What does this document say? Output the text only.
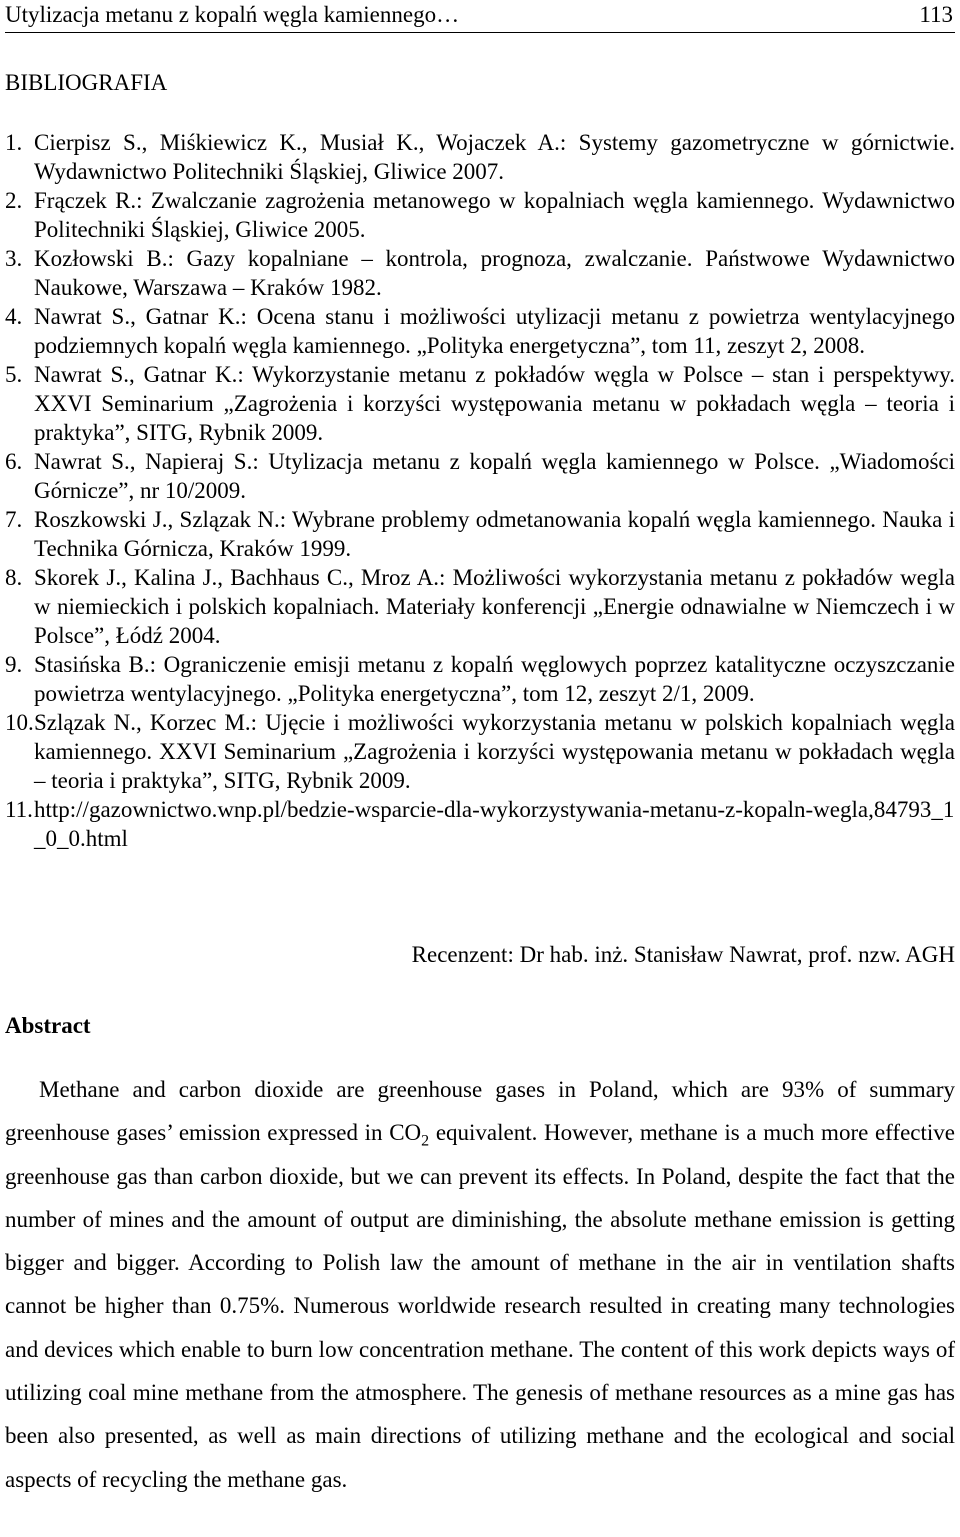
Utylizacja metanu z kopalń węgla kamiennego…	113
BIBLIOGRAFIA
1. Cierpisz S., Miśkiewicz K., Musiał K., Wojaczek A.: Systemy gazometryczne w górnictwie. Wydawnictwo Politechniki Śląskiej, Gliwice 2007.
2. Frączek R.: Zwalczanie zagrożenia metanowego w kopalniach węgla kamiennego. Wydawnictwo Politechniki Śląskiej, Gliwice 2005.
3. Kozłowski B.: Gazy kopalniane – kontrola, prognoza, zwalczanie. Państwowe Wydawnictwo Naukowe, Warszawa – Kraków 1982.
4. Nawrat S., Gatnar K.: Ocena stanu i możliwości utylizacji metanu z powietrza wentylacyjnego podziemnych kopalń węgla kamiennego. „Polityka energetyczna”, tom 11, zeszyt 2, 2008.
5. Nawrat S., Gatnar K.: Wykorzystanie metanu z pokładów węgla w Polsce – stan i perspektywy. XXVI Seminarium „Zagrożenia i korzyści występowania metanu w pokładach węgla – teoria i praktyka”, SITG, Rybnik 2009.
6. Nawrat S., Napieraj S.: Utylizacja metanu z kopalń węgla kamiennego w Polsce. „Wiadomości Górnicze”, nr 10/2009.
7. Roszkowski J., Szlązak N.: Wybrane problemy odmetanowania kopalń węgla kamiennego. Nauka i Technika Górnicza, Kraków 1999.
8. Skorek J., Kalina J., Bachhaus C., Mroz A.: Możliwości wykorzystania metanu z pokładów wegla w niemieckich i polskich kopalniach. Materiały konferencji „Energie odnawialne w Niemczech i w Polsce”, Łódź 2004.
9. Stasińska B.: Ograniczenie emisji metanu z kopalń węglowych poprzez katalityczne oczyszczanie powietrza wentylacyjnego. „Polityka energetyczna”, tom 12, zeszyt 2/1, 2009.
10. Szlązak N., Korzec M.: Ujęcie i możliwości wykorzystania metanu w polskich kopalniach węgla kamiennego. XXVI Seminarium „Zagrożenia i korzyści występowania metanu w pokładach węgla – teoria i praktyka”, SITG, Rybnik 2009.
11. http://gazownictwo.wnp.pl/bedzie-wsparcie-dla-wykorzystywania-metanu-z-kopaln-wegla,84793_1_0_0.html
Recenzent: Dr hab. inż. Stanisław Nawrat, prof. nzw. AGH
Abstract
Methane and carbon dioxide are greenhouse gases in Poland, which are 93% of summary greenhouse gases’ emission expressed in $CO_2$ equivalent. However, methane is a much more effective greenhouse gas than carbon dioxide, but we can prevent its effects. In Poland, despite the fact that the number of mines and the amount of output are diminishing, the absolute methane emission is getting bigger and bigger. According to Polish law the amount of methane in the air in ventilation shafts cannot be higher than 0.75%. Numerous worldwide research resulted in creating many technologies and devices which enable to burn low concentration methane. The content of this work depicts ways of utilizing coal mine methane from the atmosphere. The genesis of methane resources as a mine gas has been also presented, as well as main directions of utilizing methane and the ecological and social aspects of recycling the methane gas.
